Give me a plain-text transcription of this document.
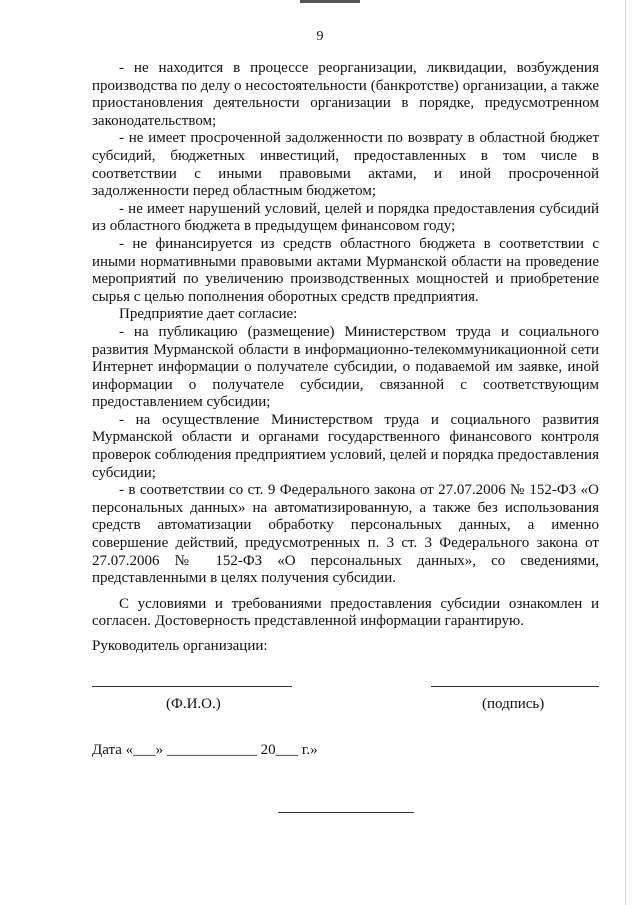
9

- не находится в процессе реорганизации, ликвидации, возбуждения производства по делу о несостоятельности (банкротстве) организации, а также приостановления деятельности организации в порядке, предусмотренном законодательством;

- не имеет просроченной задолженности по возврату в областной бюджет субсидий, бюджетных инвестиций, предоставленных в том числе в соответствии с иными правовыми актами, и иной просроченной задолженности перед областным бюджетом;

- не имеет нарушений условий, целей и порядка предоставления субсидий из областного бюджета в предыдущем финансовом году;

- не финансируется из средств областного бюджета в соответствии с иными нормативными правовыми актами Мурманской области на проведение мероприятий по увеличению производственных мощностей и приобретение сырья с целью пополнения оборотных средств предприятия.

Предприятие дает согласие:

- на публикацию (размещение) Министерством труда и социального развития Мурманской области в информационно-телекоммуникационной сети Интернет информации о получателе субсидии, о подаваемой им заявке, иной информации о получателе субсидии, связанной с соответствующим предоставлением субсидии;

- на осуществление Министерством труда и социального развития Мурманской области и органами государственного финансового контроля проверок соблюдения предприятием условий, целей и порядка предоставления субсидии;

- в соответствии со ст. 9 Федерального закона от 27.07.2006 № 152-ФЗ «О персональных данных» на автоматизированную, а также без использования средств автоматизации обработку персональных данных, а именно совершение действий, предусмотренных п. 3 ст. 3 Федерального закона от 27.07.2006 № 152-ФЗ «О персональных данных», со сведениями, представленными в целях получения субсидии.

С условиями и требованиями предоставления субсидии ознакомлен и согласен. Достоверность представленной информации гарантирую.

Руководитель организации:
(Ф.И.О.)	(подпись)
Дата «___» ____________ 20___ г.»
